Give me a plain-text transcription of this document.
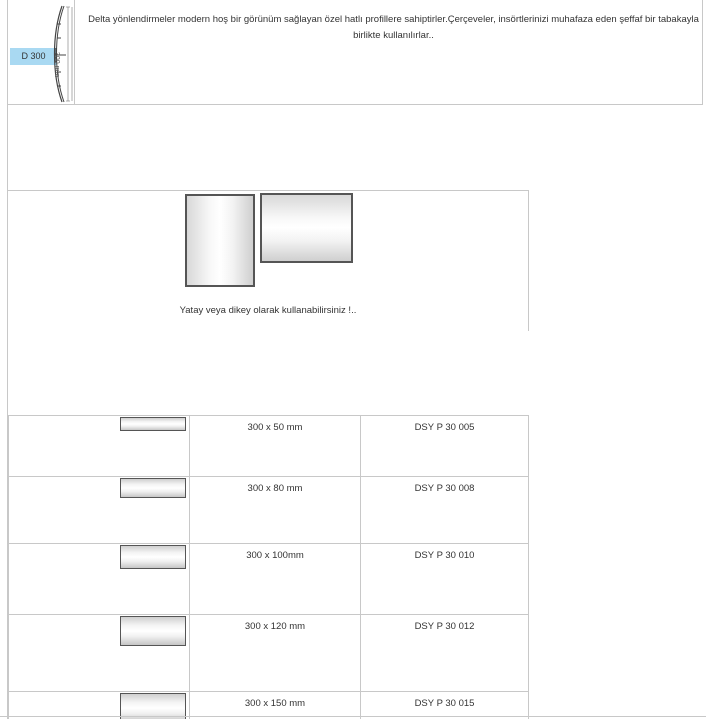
D 300	300 mm
Delta yönlendirmeler modern hoş bir görünüm sağlayan özel hatlı profillere sahiptirler.Çerçeveler, insörtlerinizi muhafaza eden şeffaf bir tabakayla birlikte kullanılırlar..
Yatay veya dikey olarak kullanabilirsiniz !..

	300 x 50 mm	DSY P 30 005

	300 x 80 mm	DSY P 30 008

	300 x 100mm	DSY P 30 010

	300 x 120 mm	DSY P 30 012

	300 x 150 mm	DSY P 30 015
